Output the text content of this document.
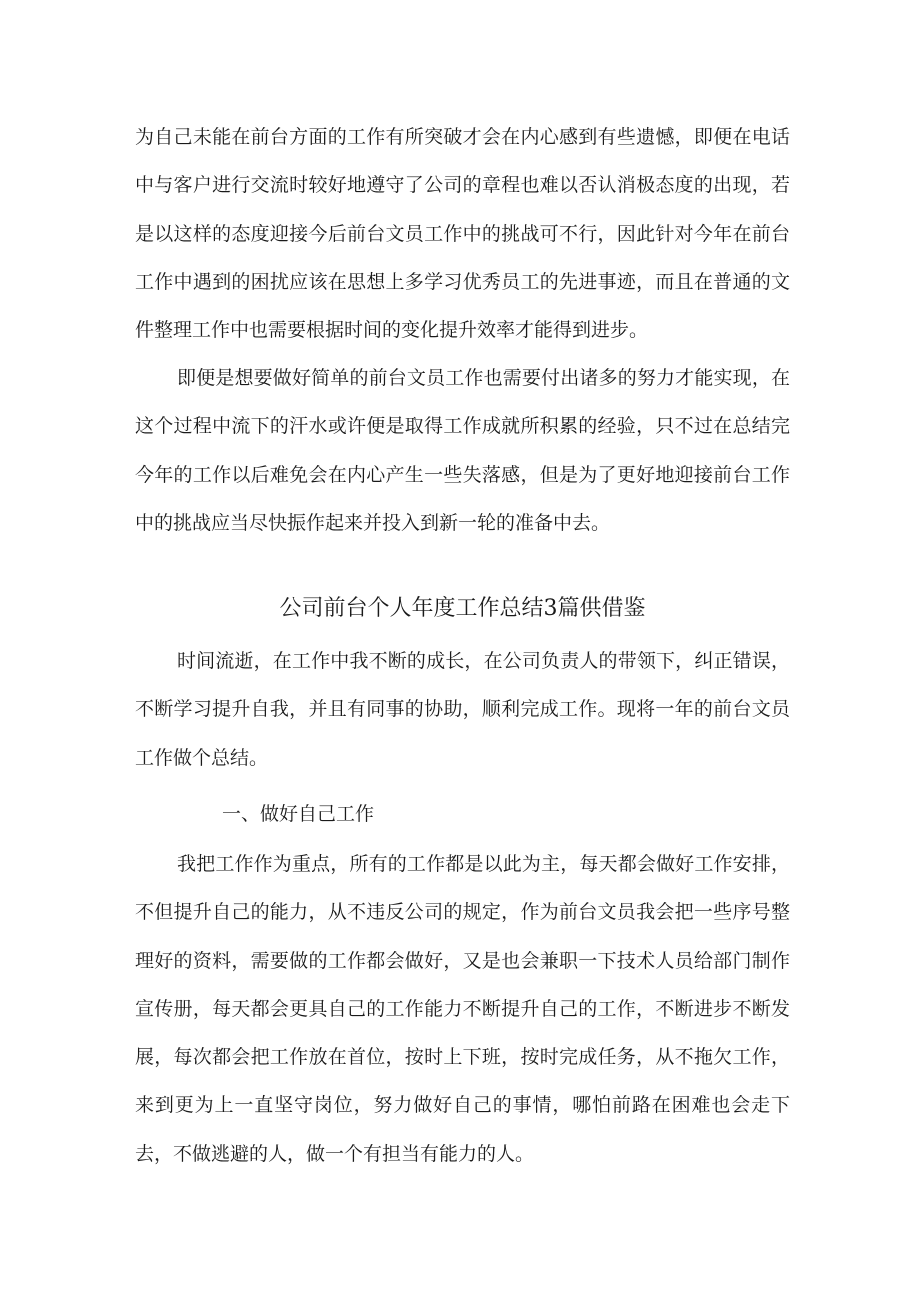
为自己未能在前台方面的工作有所突破才会在内心感到有些遗憾，即便在电话中与客户进行交流时较好地遵守了公司的章程也难以否认消极态度的出现，若是以这样的态度迎接今后前台文员工作中的挑战可不行，因此针对今年在前台工作中遇到的困扰应该在思想上多学习优秀员工的先进事迹，而且在普通的文件整理工作中也需要根据时间的变化提升效率才能得到进步。

即便是想要做好简单的前台文员工作也需要付出诸多的努力才能实现，在这个过程中流下的汗水或许便是取得工作成就所积累的经验，只不过在总结完今年的工作以后难免会在内心产生一些失落感，但是为了更好地迎接前台工作中的挑战应当尽快振作起来并投入到新一轮的准备中去。

公司前台个人年度工作总结3篇供借鉴

时间流逝，在工作中我不断的成长，在公司负责人的带领下，纠正错误，不断学习提升自我，并且有同事的协助，顺利完成工作。现将一年的前台文员工作做个总结。

一、做好自己工作

我把工作作为重点，所有的工作都是以此为主，每天都会做好工作安排，不但提升自己的能力，从不违反公司的规定，作为前台文员我会把一些序号整理好的资料，需要做的工作都会做好，又是也会兼职一下技术人员给部门制作宣传册，每天都会更具自己的工作能力不断提升自己的工作，不断进步不断发展，每次都会把工作放在首位，按时上下班，按时完成任务，从不拖欠工作，来到更为上一直坚守岗位，努力做好自己的事情，哪怕前路在困难也会走下去，不做逃避的人，做一个有担当有能力的人。
